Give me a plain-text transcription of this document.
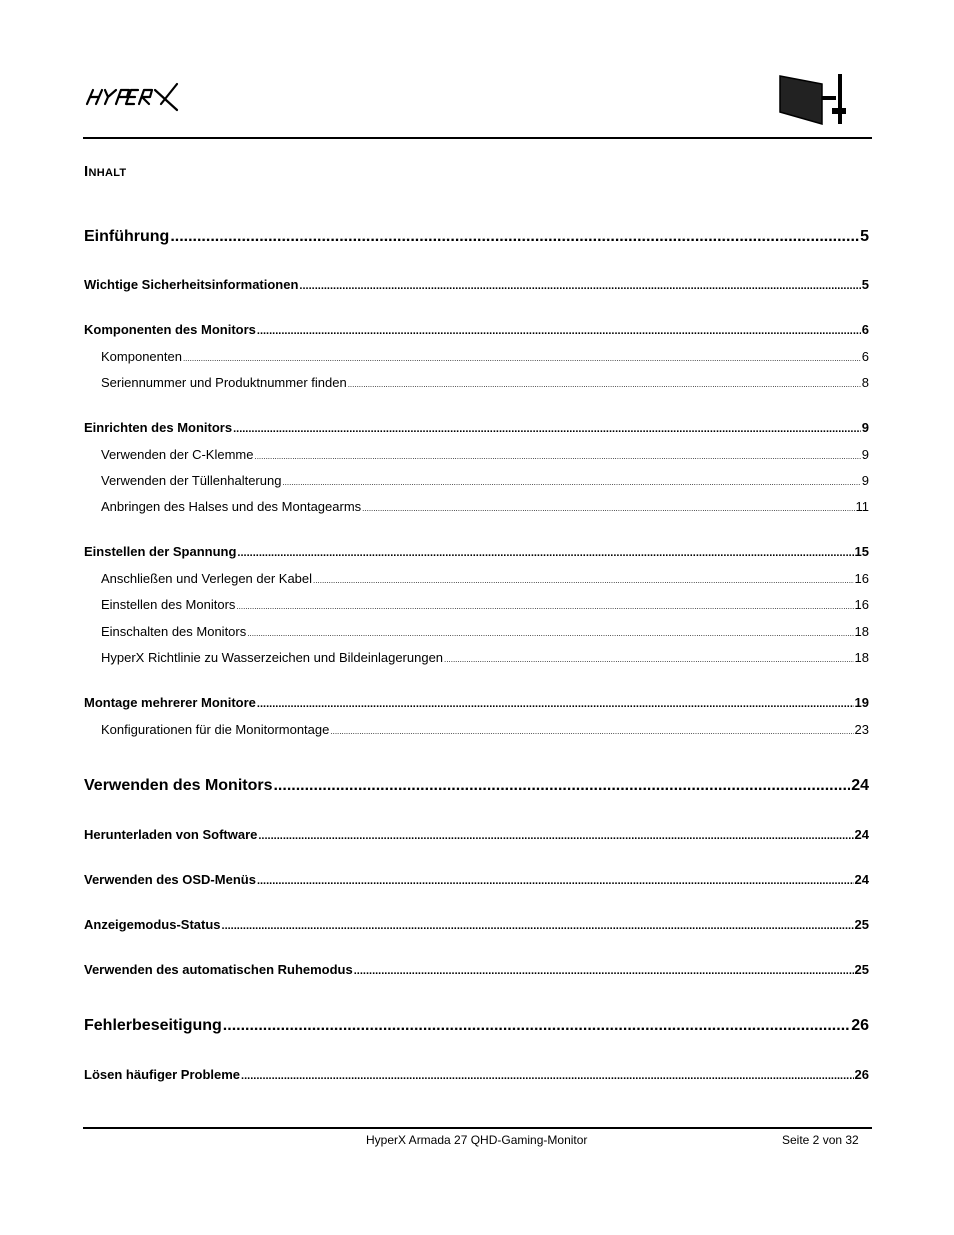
Inhalt
Einführung .....	5
Wichtige Sicherheitsinformationen .....	5
Komponenten des Monitors .....	6
Komponenten .....	6
Seriennummer und Produktnummer finden .....	8
Einrichten des Monitors .....	9
Verwenden der C-Klemme .....	9
Verwenden der Tüllenhalterung .....	9
Anbringen des Halses und des Montagearms .....	11
Einstellen der Spannung .....	15
Anschließen und Verlegen der Kabel .....	16
Einstellen des Monitors .....	16
Einschalten des Monitors .....	18
HyperX Richtlinie zu Wasserzeichen und Bildeinlagerungen .....	18
Montage mehrerer Monitore .....	19
Konfigurationen für die Monitormontage .....	23
Verwenden des Monitors .....	24
Herunterladen von Software .....	24
Verwenden des OSD-Menüs .....	24
Anzeigemodus-Status .....	25
Verwenden des automatischen Ruhemodus .....	25
Fehlerbeseitigung .....	26
Lösen häufiger Probleme .....	26
HyperX Armada 27 QHD-Gaming-Monitor	Seite 2 von 32
